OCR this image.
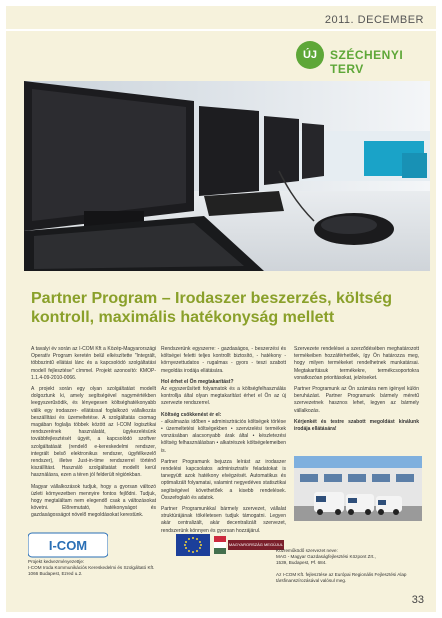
2011. DECEMBER
ÚJ	SZÉCHENYI TERV
Partner Program – Irodaszer beszerzés, költség kontroll, maximális hatékonyság mellett

A tavalyi év során az I-COM Kft a Közép-Magyarországi Operatív Program keretén belül elkészítette "Integrált, többszintű ellátási lánc és a kapcsolódó szolgáltatási modell fejlesztése" címmel. Projekt azonosító: KMOP-1.1.4-09-2010-0066.

A projekt során egy olyan szolgáltatást modellt dolgoztunk ki, amely segítségével nagymértékben leegyszerűsödik, és lényegesen költséghatékonyabb válik egy irodaszer- ellátással foglalkozó vállalkozás beszállítási és üzemeltetése. A szolgáltatás csomag magában foglalja többek között az I-COM logisztikai rendszerének használatát, ügykezelésünk továbbfejlesztését ügyét, a kapcsolódó szoftver szolgáltatását (rendelő e-kereskedelmi rendszer, integrált belső elektronikus rendszer, ügyfélkezelő rendszer), illetve Just-in-time rendszerrel történő kiszállítást. Használó szolgáltatást modellt kerül használásra, ezen a téren jól felderült régiónkban.

Magyar vállalkozások tudjuk, hogy a gyorsan változó üzleti környezetben mennyire fontos fejlődni. Tudjuk, hogy megtaláltam nem elegendő csak a változásokat követni. Elõremutató, hatékonyságot és gazdaságosságot növelő megoldásokat kerestünk.

Rendszerünk egyszerre: - gazdaságos, - beszerzési és költségei feletti teljes kontrollt biztosító, - hatékony - környezettudatos - rugalmas - gyors - teszi szabott megoldás irodája ellátására.

Hol érhet el Ön megtakarítást?

Az egyszerűsített folyamatok és a költségfelhasználás kontrollja által olyan megtakarítást érhet el Ön az új szervezte rendszerrel.

Költség csökkenést ér el:

- alkalmazás időben • adminisztrációs költségek törlése • üzemeltetési költségekben • szervizelési termékek vonzásában alacsonyabb árak által • készletezési költség felhasználásban • alkatrészek költségelemeiben is.

Partner Programunk bejuzza leírást az irodaszer rendelési kapcsolatos adminisztratív feladatokat is tanegyütt azok hatékony elvégzését. Automatikus és optimalizált folyamatai, valamint negyedéves statisztikai segítségével követhetőek a kisebb rendelések. Összefoglaló és adatok.

Partner Programunkkal bármely szervezet, vállalat struktúrájának tökéletesen tudjuk támogatni. Legyen akár centralizált, akár decentralizált szervezet, rendszerünk könnyen és gyorsan hozzájárul.

Szervezete rendelései a szerződésében meghatározott termékeiben hozzáférhetőek, így Ön határozza meg, hogy milyen termékeket rendelhetnek munkatársai. Megtakarításuk termékekre, termékcsoportokra vonatkozóan prioritásokat, jelzéseket.

Partner Programunk az Ön számára nem igényel külön beruházást. Partner Programunk bármely méretű szervezetnek hasznos lehet, legyen az bármely vállalkozás.

Kérjenkét és testre szabott megoldást kínálunk irodája ellátására!

I-COM
Projekt kedvezményezettje:
I-COM Iroda Kommunikációs Kereskedelmi és Szolgáltató Kft.
1066 Budapest, Ezred u.2.
MAGYARORSZÁG MEGÚJUL
Közreműködő szervezet neve:
MAG - Magyar Gazdaságfejlesztési Központ Zrt.,
1539, Budapest, Pf. 684.

Az I-COM Kft. fejlesztése az Európai Regionális Fejlesztési Alap
társfinanszírozásával valósul meg.
33
